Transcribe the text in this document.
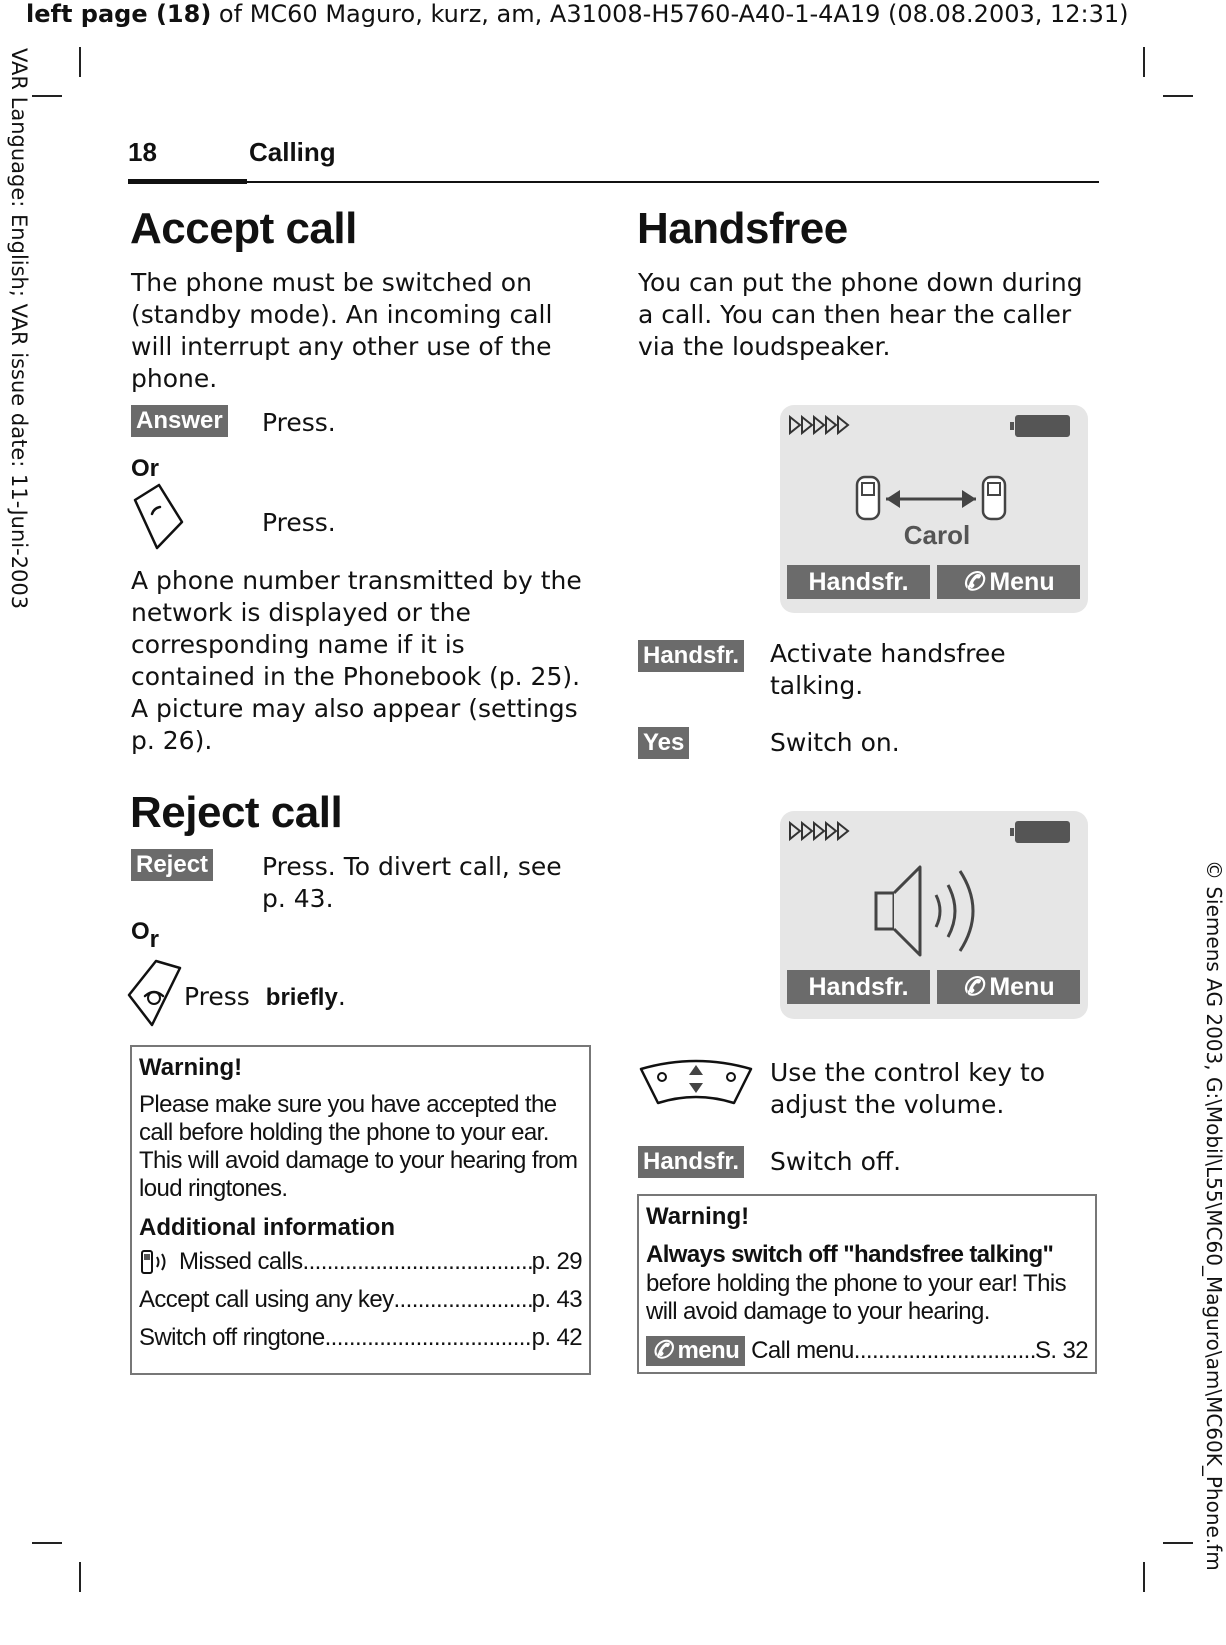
left page (18) of MC60 Maguro, kurz, am, A31008-H5760-A40-1-4A19 (08.08.2003, 12:31)
VAR Language: English; VAR issue date: 11-Juni-2003
© Siemens AG 2003, G:\Mobil\L55\MC60_Maguro\am\MC60K_Phone.fm
18	Calling
Accept call
The phone must be switched on (standby mode). An incoming call will interrupt any other use of the phone.
Answer Press.
Or
Press.
A phone number transmitted by the network is displayed or the corresponding name if it is contained in the Phonebook (p. 25). A picture may also appear (settings p. 26).
Reject call
Reject Press. To divert call, see p. 43.
Or
Press briefly.
Warning!
Please make sure you have accepted the call before holding the phone to your ear. This will avoid damage to your hearing from loud ringtones.
Additional information
Missed calls .....	p. 29
Accept call using any key .....	p. 43
Switch off ringtone .....	p. 42
Handsfree
You can put the phone down during a call. You can then hear the caller via the loudspeaker.
Carol
Handsfr.	✆ Menu
Handsfr. Activate handsfree talking.
Yes	Switch on.
Handsfr.	✆ Menu
Use the control key to adjust the volume.
Handsfr. Switch off.
Warning!
Always switch off "handsfree talking"
before holding the phone to your ear! This will avoid damage to your hearing.
✆ menu Call menu .....	S. 32
